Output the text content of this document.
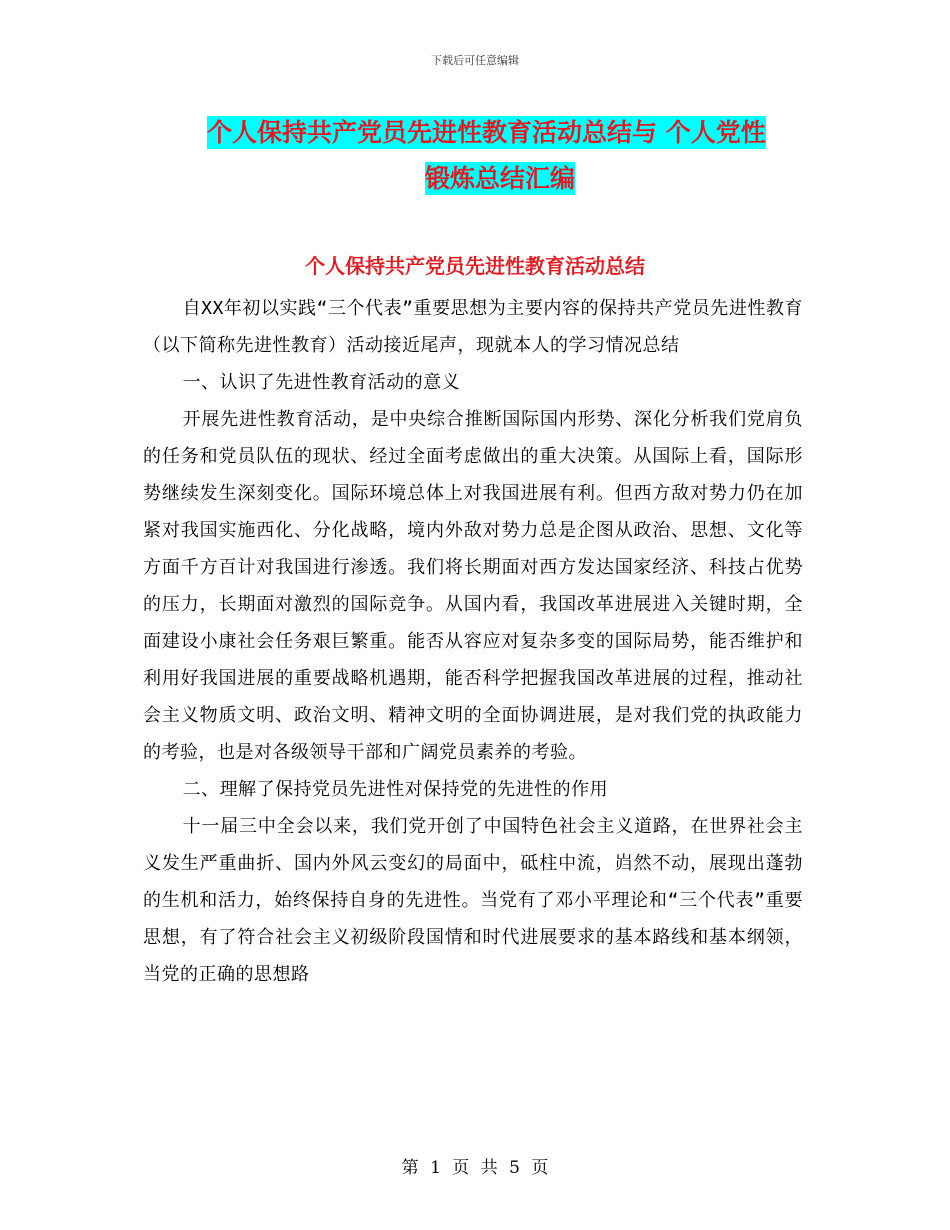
下载后可任意编辑
个人保持共产党员先进性教育活动总结与 个人党性
锻炼总结汇编
个人保持共产党员先进性教育活动总结

自XX年初以实践“三个代表”重要思想为主要内容的保持共产党员先进性教育（以下简称先进性教育）活动接近尾声，现就本人的学习情况总结

一、认识了先进性教育活动的意义

开展先进性教育活动，是中央综合推断国际国内形势、深化分析我们党肩负的任务和党员队伍的现状、经过全面考虑做出的重大决策。从国际上看，国际形势继续发生深刻变化。国际环境总体上对我国进展有利。但西方敌对势力仍在加紧对我国实施西化、分化战略，境内外敌对势力总是企图从政治、思想、文化等方面千方百计对我国进行渗透。我们将长期面对西方发达国家经济、科技占优势的压力，长期面对激烈的国际竞争。从国内看，我国改革进展进入关键时期，全面建设小康社会任务艰巨繁重。能否从容应对复杂多变的国际局势，能否维护和利用好我国进展的重要战略机遇期，能否科学把握我国改革进展的过程，推动社会主义物质文明、政治文明、精神文明的全面协调进展，是对我们党的执政能力的考验，也是对各级领导干部和广阔党员素养的考验。

二、理解了保持党员先进性对保持党的先进性的作用

十一届三中全会以来，我们党开创了中国特色社会主义道路，在世界社会主义发生严重曲折、国内外风云变幻的局面中，砥柱中流，岿然不动，展现出蓬勃的生机和活力，始终保持自身的先进性。当党有了邓小平理论和“三个代表”重要思想，有了符合社会主义初级阶段国情和时代进展要求的基本路线和基本纲领，当党的正确的思想路

第 1 页 共 5 页
